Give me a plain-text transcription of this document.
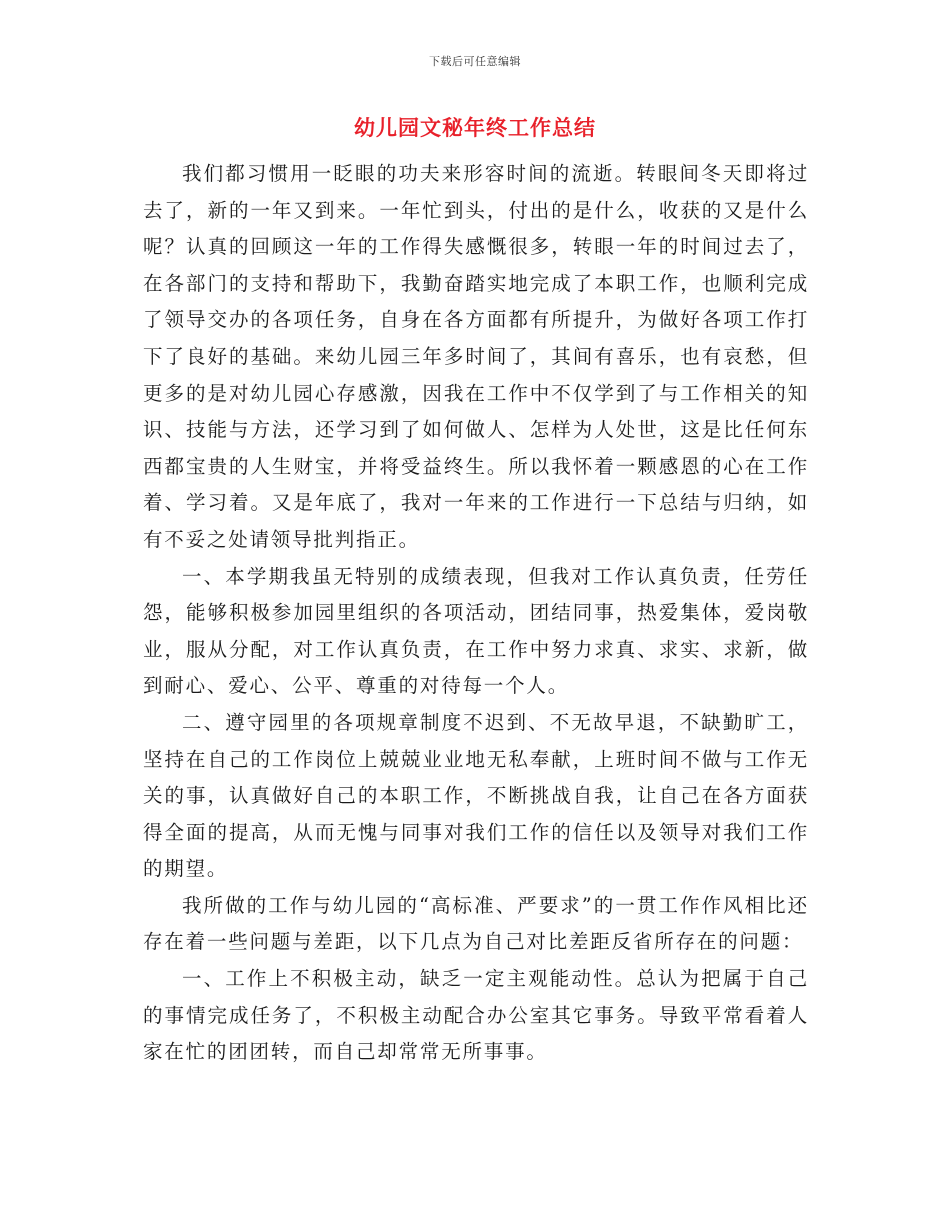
下载后可任意编辑
幼儿园文秘年终工作总结

我们都习惯用一眨眼的功夫来形容时间的流逝。转眼间冬天即将过去了，新的一年又到来。一年忙到头，付出的是什么，收获的又是什么呢？认真的回顾这一年的工作得失感慨很多，转眼一年的时间过去了，在各部门的支持和帮助下，我勤奋踏实地完成了本职工作，也顺利完成了领导交办的各项任务，自身在各方面都有所提升，为做好各项工作打下了良好的基础。来幼儿园三年多时间了，其间有喜乐，也有哀愁，但更多的是对幼儿园心存感激，因我在工作中不仅学到了与工作相关的知识、技能与方法，还学习到了如何做人、怎样为人处世，这是比任何东西都宝贵的人生财宝，并将受益终生。所以我怀着一颗感恩的心在工作着、学习着。又是年底了，我对一年来的工作进行一下总结与归纳，如有不妥之处请领导批判指正。

一、本学期我虽无特别的成绩表现，但我对工作认真负责，任劳任怨，能够积极参加园里组织的各项活动，团结同事，热爱集体，爱岗敬业，服从分配，对工作认真负责，在工作中努力求真、求实、求新，做到耐心、爱心、公平、尊重的对待每一个人。

二、遵守园里的各项规章制度不迟到、不无故早退，不缺勤旷工，坚持在自己的工作岗位上兢兢业业地无私奉献，上班时间不做与工作无关的事，认真做好自己的本职工作，不断挑战自我，让自己在各方面获得全面的提高，从而无愧与同事对我们工作的信任以及领导对我们工作的期望。

我所做的工作与幼儿园的“高标准、严要求”的一贯工作作风相比还存在着一些问题与差距，以下几点为自己对比差距反省所存在的问题：

一、工作上不积极主动，缺乏一定主观能动性。总认为把属于自己的事情完成任务了，不积极主动配合办公室其它事务。导致平常看着人家在忙的团团转，而自己却常常无所事事。
